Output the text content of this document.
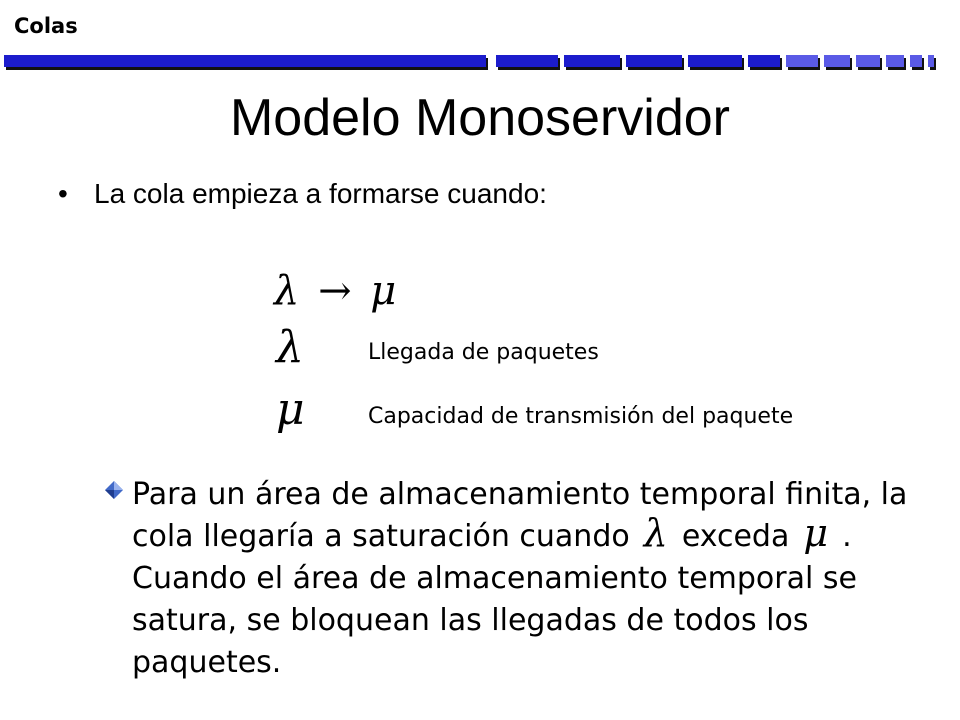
Colas
Modelo Monoservidor
• La cola empieza a formarse cuando:
λ → μ
λ	Llegada de paquetes
μ	Capacidad de transmisión del paquete

Para un área de almacenamiento temporal finita, la cola llegaría a saturación cuando λ exceda μ . Cuando el área de almacenamiento temporal se satura, se bloquean las llegadas de todos los paquetes.
